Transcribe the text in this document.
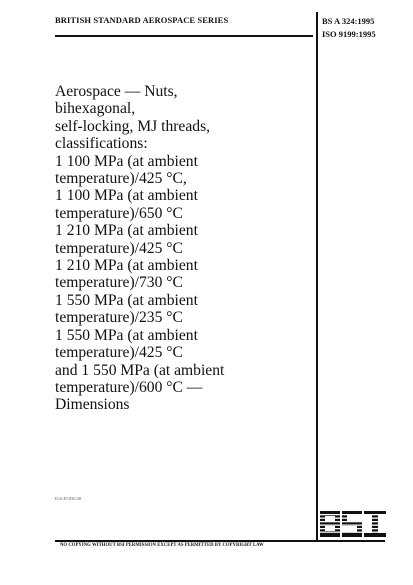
BRITISH STANDARD AEROSPACE SERIES	BS A 324:1995
ISO 9199:1995
Aerospace — Nuts,
bihexagonal,
self-locking, MJ threads,
classifications:
1 100 MPa (at ambient
temperature)/425 °C,
1 100 MPa (at ambient
temperature)/650 °C
1 210 MPa (at ambient
temperature)/425 °C
1 210 MPa (at ambient
temperature)/730 °C
1 550 MPa (at ambient
temperature)/235 °C
1 550 MPa (at ambient
temperature)/425 °C
and 1 550 MPa (at ambient
temperature)/600 °C —
Dimensions
ICS 49.030.30
NO COPYING WITHOUT BSI PERMISSION EXCEPT AS PERMITTED BY COPYRIGHT LAW
